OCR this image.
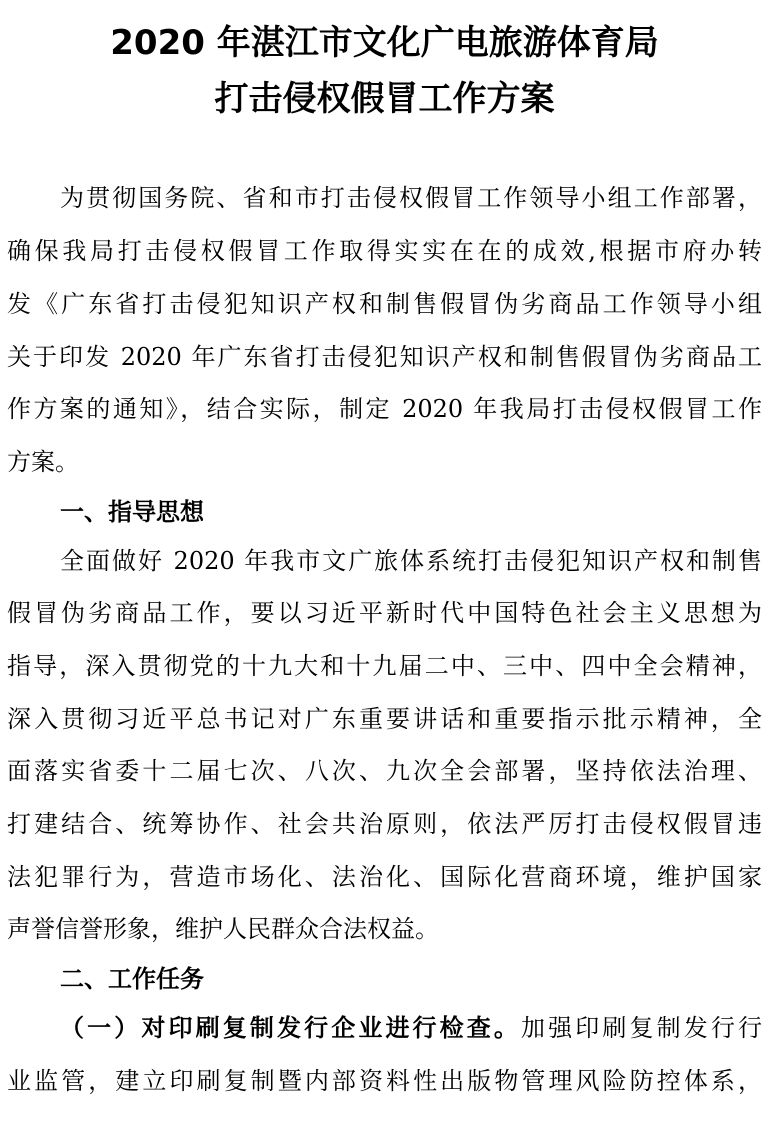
2020 年湛江市文化广电旅游体育局
打击侵权假冒工作方案

为贯彻国务院、省和市打击侵权假冒工作领导小组工作部署，

确保我局打击侵权假冒工作取得实实在在的成效,根据市府办转

发《广东省打击侵犯知识产权和制售假冒伪劣商品工作领导小组

关于印发 2020 年广东省打击侵犯知识产权和制售假冒伪劣商品工

作方案的通知》，结合实际，制定 2020 年我局打击侵权假冒工作

方案。

一、指导思想

全面做好 2020 年我市文广旅体系统打击侵犯知识产权和制售

假冒伪劣商品工作，要以习近平新时代中国特色社会主义思想为

指导，深入贯彻党的十九大和十九届二中、三中、四中全会精神，

深入贯彻习近平总书记对广东重要讲话和重要指示批示精神，全

面落实省委十二届七次、八次、九次全会部署，坚持依法治理、

打建结合、统筹协作、社会共治原则，依法严厉打击侵权假冒违

法犯罪行为，营造市场化、法治化、国际化营商环境，维护国家

声誉信誉形象，维护人民群众合法权益。

二、工作任务

（一）对印刷复制发行企业进行检查。加强印刷复制发行行

业监管，建立印刷复制暨内部资料性出版物管理风险防控体系，
